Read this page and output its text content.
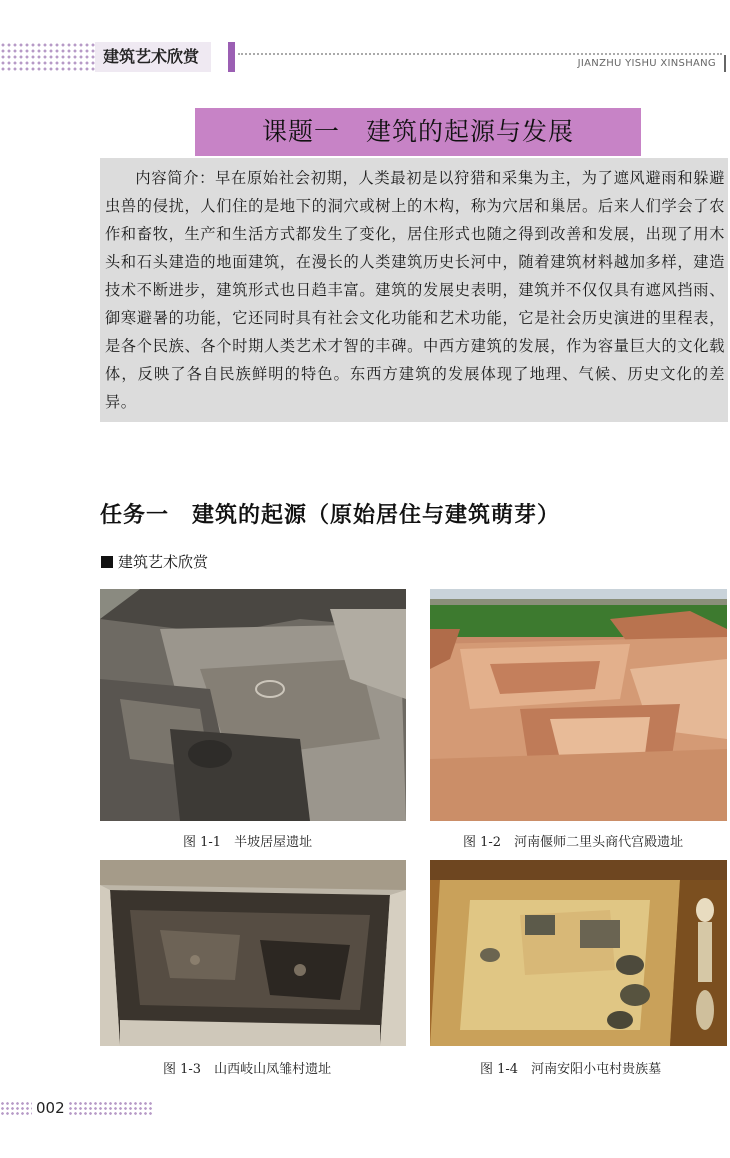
建筑艺术欣赏	JIANZHU YISHU XINSHANG
课题一　建筑的起源与发展
内容简介：早在原始社会初期，人类最初是以狩猎和采集为主，为了遮风避雨和躲避虫兽的侵扰，人们住的是地下的洞穴或树上的木构，称为穴居和巢居。后来人们学会了农作和畜牧，生产和生活方式都发生了变化，居住形式也随之得到改善和发展，出现了用木头和石头建造的地面建筑，在漫长的人类建筑历史长河中，随着建筑材料越加多样，建造技术不断进步，建筑形式也日趋丰富。建筑的发展史表明，建筑并不仅仅具有遮风挡雨、御寒避暑的功能，它还同时具有社会文化功能和艺术功能，它是社会历史演进的里程表，是各个民族、各个时期人类艺术才智的丰碑。中西方建筑的发展，作为容量巨大的文化载体，反映了各自民族鲜明的特色。东西方建筑的发展体现了地理、气候、历史文化的差异。
任务一　建筑的起源（原始居住与建筑萌芽）
建筑艺术欣赏
图 1-1　半坡居屋遗址	图 1-2　河南偃师二里头商代宫殿遗址
图 1-3　山西岐山凤雏村遗址	图 1-4　河南安阳小屯村贵族墓
002
